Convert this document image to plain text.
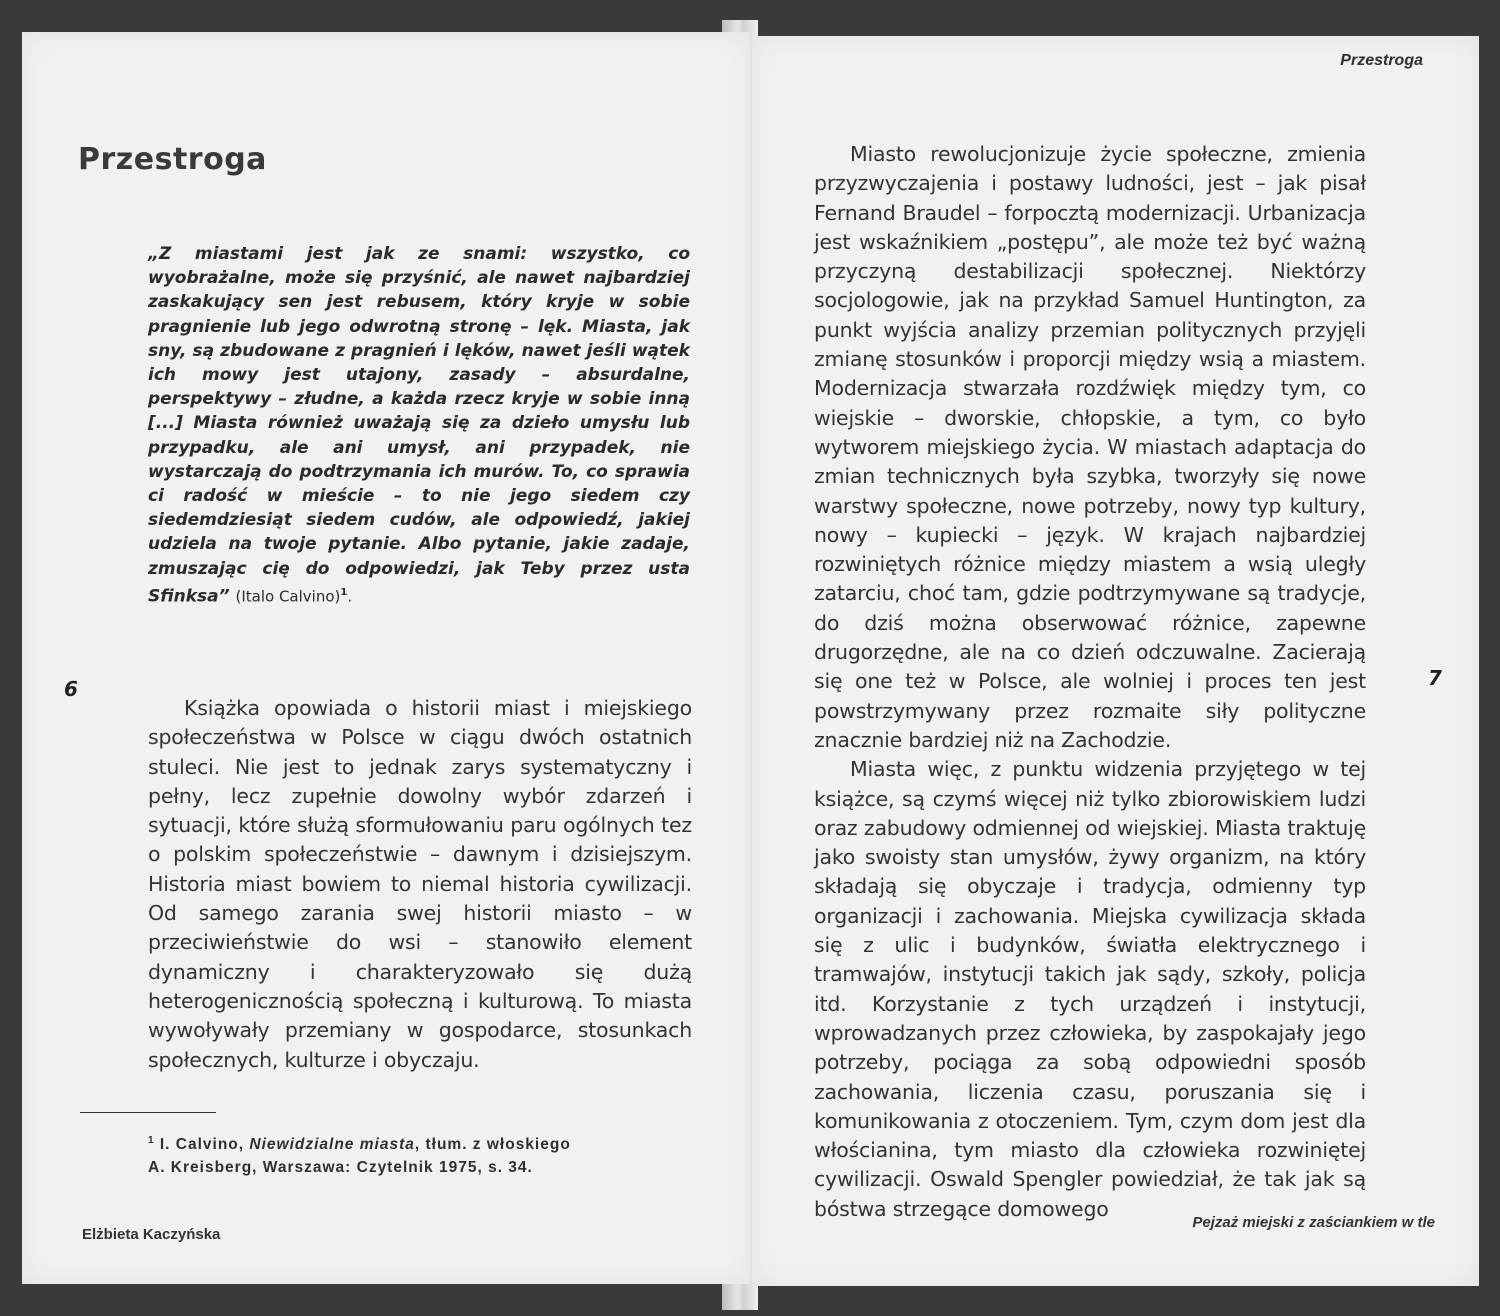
Przestroga
„Z miastami jest jak ze snami: wszystko, co wyobrażalne, może się przyśnić, ale nawet najbardziej zaskakujący sen jest rebusem, który kryje w sobie pragnienie lub jego odwrotną stronę – lęk. Miasta, jak sny, są zbudowane z pragnień i lęków, nawet jeśli wątek ich mowy jest utajony, zasady – absurdalne, perspektywy – złudne, a każda rzecz kryje w sobie inną [...] Miasta również uważają się za dzieło umysłu lub przypadku, ale ani umysł, ani przypadek, nie wystarczają do podtrzymania ich murów. To, co sprawia ci radość w mieście – to nie jego siedem czy siedemdziesiąt siedem cudów, ale odpowiedź, jakiej udziela na twoje pytanie. Albo pytanie, jakie zadaje, zmuszając cię do odpowiedzi, jak Teby przez usta Sfinksa” (Italo Calvino)$^1$.
6

Książka opowiada o historii miast i miejskiego społeczeństwa w Polsce w ciągu dwóch ostatnich stuleci. Nie jest to jednak zarys systematyczny i pełny, lecz zupełnie dowolny wybór zdarzeń i sytuacji, które służą sformułowaniu paru ogólnych tez o polskim społeczeństwie – dawnym i dzisiejszym. Historia miast bowiem to niemal historia cywilizacji. Od samego zarania swej historii miasto – w przeciwieństwie do wsi – stanowiło element dynamiczny i charakteryzowało się dużą heterogenicznością społeczną i kulturową. To miasta wywoływały przemiany w gospodarce, stosunkach społecznych, kulturze i obyczaju.

$^1$ I. Calvino, Niewidzialne miasta, tłum. z włoskiego
A. Kreisberg, Warszawa: Czytelnik 1975, s. 34.
Elżbieta Kaczyńska
Przestroga

Miasto rewolucjonizuje życie społeczne, zmienia przyzwyczajenia i postawy ludności, jest – jak pisał Fernand Braudel – forpocztą modernizacji. Urbanizacja jest wskaźnikiem „postępu”, ale może też być ważną przyczyną destabilizacji społecznej. Niektórzy socjologowie, jak na przykład Samuel Huntington, za punkt wyjścia analizy przemian politycznych przyjęli zmianę stosunków i proporcji między wsią a miastem. Modernizacja stwarzała rozdźwięk między tym, co wiejskie – dworskie, chłopskie, a tym, co było wytworem miejskiego życia. W miastach adaptacja do zmian technicznych była szybka, tworzyły się nowe warstwy społeczne, nowe potrzeby, nowy typ kultury, nowy – kupiecki – język. W krajach najbardziej rozwiniętych różnice między miastem a wsią uległy zatarciu, choć tam, gdzie podtrzymywane są tradycje, do dziś można obserwować różnice, zapewne drugorzędne, ale na co dzień odczuwalne. Zacierają się one też w Polsce, ale wolniej i proces ten jest powstrzymywany przez rozmaite siły polityczne znacznie bardziej niż na Zachodzie.

Miasta więc, z punktu widzenia przyjętego w tej książce, są czymś więcej niż tylko zbiorowiskiem ludzi oraz zabudowy odmiennej od wiejskiej. Miasta traktuję jako swoisty stan umysłów, żywy organizm, na który składają się obyczaje i tradycja, odmienny typ organizacji i zachowania. Miejska cywilizacja składa się z ulic i budynków, światła elektrycznego i tramwajów, instytucji takich jak sądy, szkoły, policja itd. Korzystanie z tych urządzeń i instytucji, wprowadzanych przez człowieka, by zaspokajały jego potrzeby, pociąga za sobą odpowiedni sposób zachowania, liczenia czasu, poruszania się i komunikowania z otoczeniem. Tym, czym dom jest dla włościanina, tym miasto dla człowieka rozwiniętej cywilizacji. Oswald Spengler powiedział, że tak jak są bóstwa strzegące domowego

7
Pejzaż miejski z zaściankiem w tle
